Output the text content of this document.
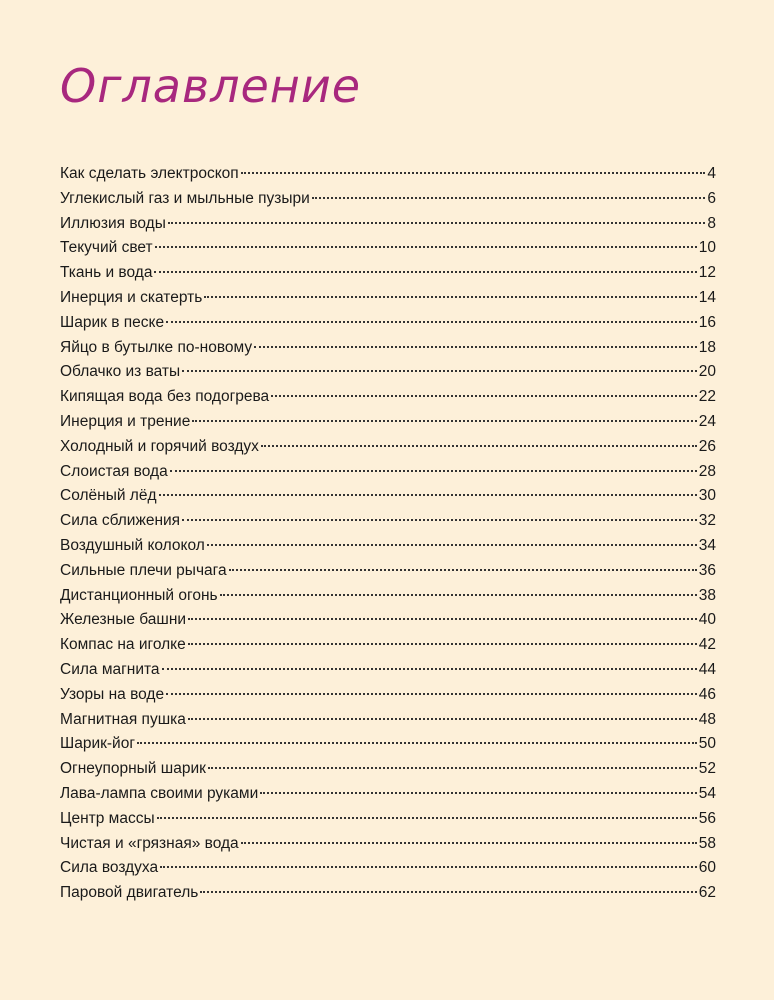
Оглавление
Как сделать электроскоп	4
Углекислый газ и мыльные пузыри	6
Иллюзия воды	8
Текучий свет	10
Ткань и вода	12
Инерция и скатерть	14
Шарик в песке	16
Яйцо в бутылке по-новому	18
Облачко из ваты	20
Кипящая вода без подогрева	22
Инерция и трение	24
Холодный и горячий воздух	26
Слоистая вода	28
Солёный лёд	30
Сила сближения	32
Воздушный колокол	34
Сильные плечи рычага	36
Дистанционный огонь	38
Железные башни	40
Компас на иголке	42
Сила магнита	44
Узоры на воде	46
Магнитная пушка	48
Шарик-йог	50
Огнеупорный шарик	52
Лава-лампа своими руками	54
Центр массы	56
Чистая и «грязная» вода	58
Сила воздуха	60
Паровой двигатель	62
